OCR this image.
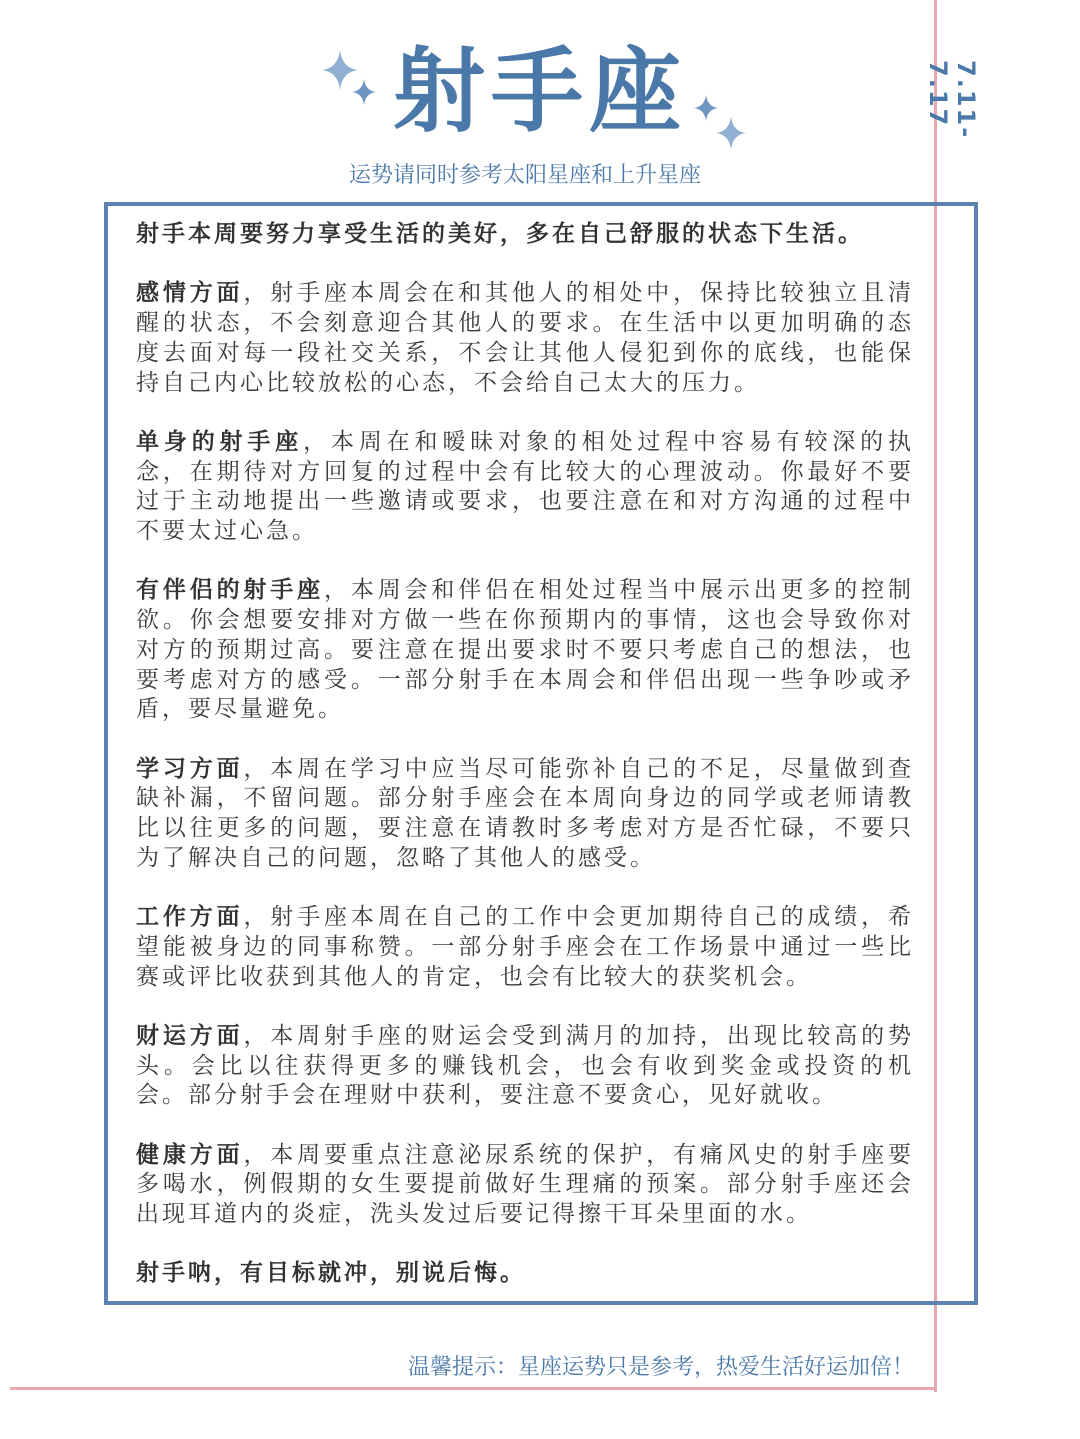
射手座
运势请同时参考太阳星座和上升星座
7.11-7.17

射手本周要努力享受生活的美好，多在自己舒服的状态下生活。

感情方面，射手座本周会在和其他人的相处中，保持比较独立且清醒的状态，不会刻意迎合其他人的要求。在生活中以更加明确的态度去面对每一段社交关系，不会让其他人侵犯到你的底线，也能保持自己内心比较放松的心态，不会给自己太大的压力。

单身的射手座，本周在和暧昧对象的相处过程中容易有较深的执念，在期待对方回复的过程中会有比较大的心理波动。你最好不要过于主动地提出一些邀请或要求，也要注意在和对方沟通的过程中不要太过心急。

有伴侣的射手座，本周会和伴侣在相处过程当中展示出更多的控制欲。你会想要安排对方做一些在你预期内的事情，这也会导致你对对方的预期过高。要注意在提出要求时不要只考虑自己的想法，也要考虑对方的感受。一部分射手在本周会和伴侣出现一些争吵或矛盾，要尽量避免。

学习方面，本周在学习中应当尽可能弥补自己的不足，尽量做到查缺补漏，不留问题。部分射手座会在本周向身边的同学或老师请教比以往更多的问题，要注意在请教时多考虑对方是否忙碌，不要只为了解决自己的问题，忽略了其他人的感受。

工作方面，射手座本周在自己的工作中会更加期待自己的成绩，希望能被身边的同事称赞。一部分射手座会在工作场景中通过一些比赛或评比收获到其他人的肯定，也会有比较大的获奖机会。

财运方面，本周射手座的财运会受到满月的加持，出现比较高的势头。会比以往获得更多的赚钱机会，也会有收到奖金或投资的机会。部分射手会在理财中获利，要注意不要贪心，见好就收。

健康方面，本周要重点注意泌尿系统的保护，有痛风史的射手座要多喝水，例假期的女生要提前做好生理痛的预案。部分射手座还会出现耳道内的炎症，洗头发过后要记得擦干耳朵里面的水。

射手呐，有目标就冲，别说后悔。

温馨提示：星座运势只是参考，热爱生活好运加倍！
